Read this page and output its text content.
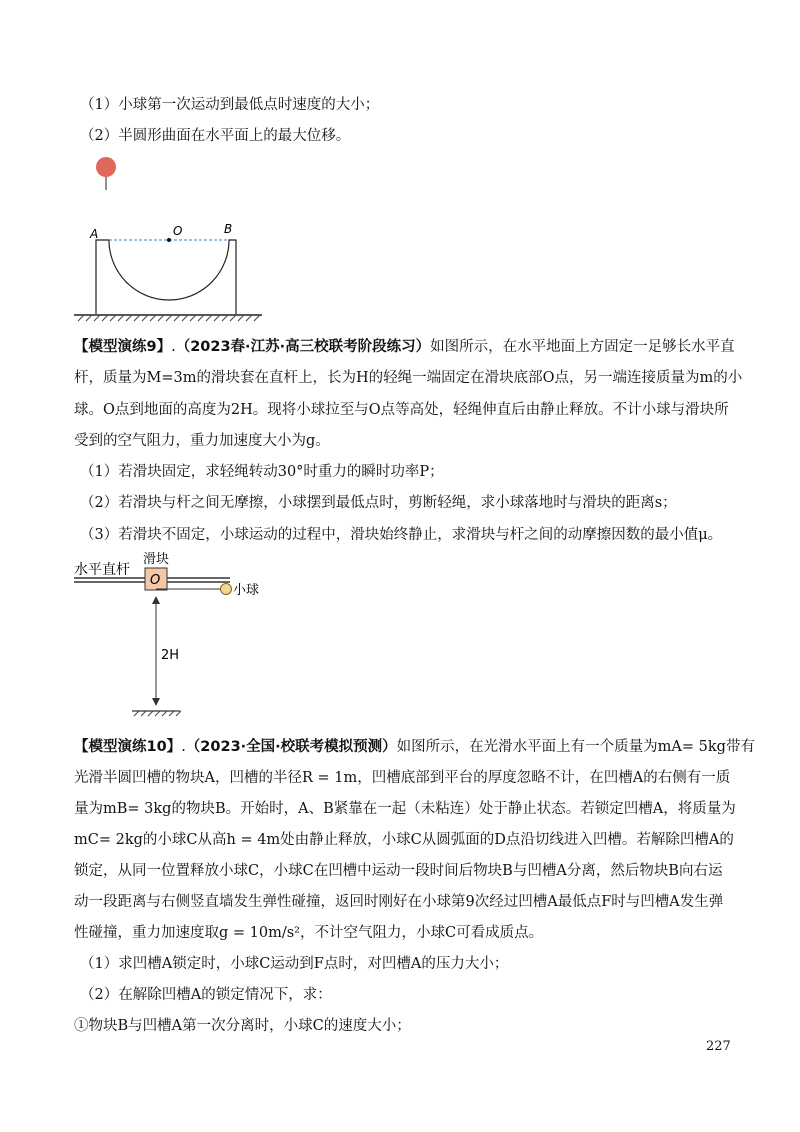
（1）小球第一次运动到最低点时速度的大小；
（2）半圆形曲面在水平面上的最大位移。
A	O	B
水平直杆
滑块
O
小球
2H
【模型演练9】.（2023春·江苏·高三校联考阶段练习）如图所示，在水平地面上方固定一足够长水平直
杆，质量为M=3m的滑块套在直杆上，长为H的轻绳一端固定在滑块底部O点，另一端连接质量为m的小
球。O点到地面的高度为2H。现将小球拉至与O点等高处，轻绳伸直后由静止释放。不计小球与滑块所
受到的空气阻力，重力加速度大小为g。
（1）若滑块固定，求轻绳转动30°时重力的瞬时功率P；
（2）若滑块与杆之间无摩擦，小球摆到最低点时，剪断轻绳，求小球落地时与滑块的距离s；
（3）若滑块不固定，小球运动的过程中，滑块始终静止，求滑块与杆之间的动摩擦因数的最小值μ。
【模型演练10】.（2023·全国·校联考模拟预测）如图所示，在光滑水平面上有一个质量为mA= 5kg带有
光滑半圆凹槽的物块A，凹槽的半径R = 1m，凹槽底部到平台的厚度忽略不计，在凹槽A的右侧有一质
量为mB= 3kg的物块B。开始时，A、B紧靠在一起（未粘连）处于静止状态。若锁定凹槽A，将质量为
mC= 2kg的小球C从高h = 4m处由静止释放，小球C从圆弧面的D点沿切线进入凹槽。若解除凹槽A的
锁定，从同一位置释放小球C，小球C在凹槽中运动一段时间后物块B与凹槽A分离，然后物块B向右运
动一段距离与右侧竖直墙发生弹性碰撞，返回时刚好在小球第9次经过凹槽A最低点F时与凹槽A发生弹
性碰撞，重力加速度取g = 10m/s²，不计空气阻力，小球C可看成质点。
（1）求凹槽A锁定时，小球C运动到F点时，对凹槽A的压力大小；
（2）在解除凹槽A的锁定情况下，求：
①物块B与凹槽A第一次分离时，小球C的速度大小；
227
